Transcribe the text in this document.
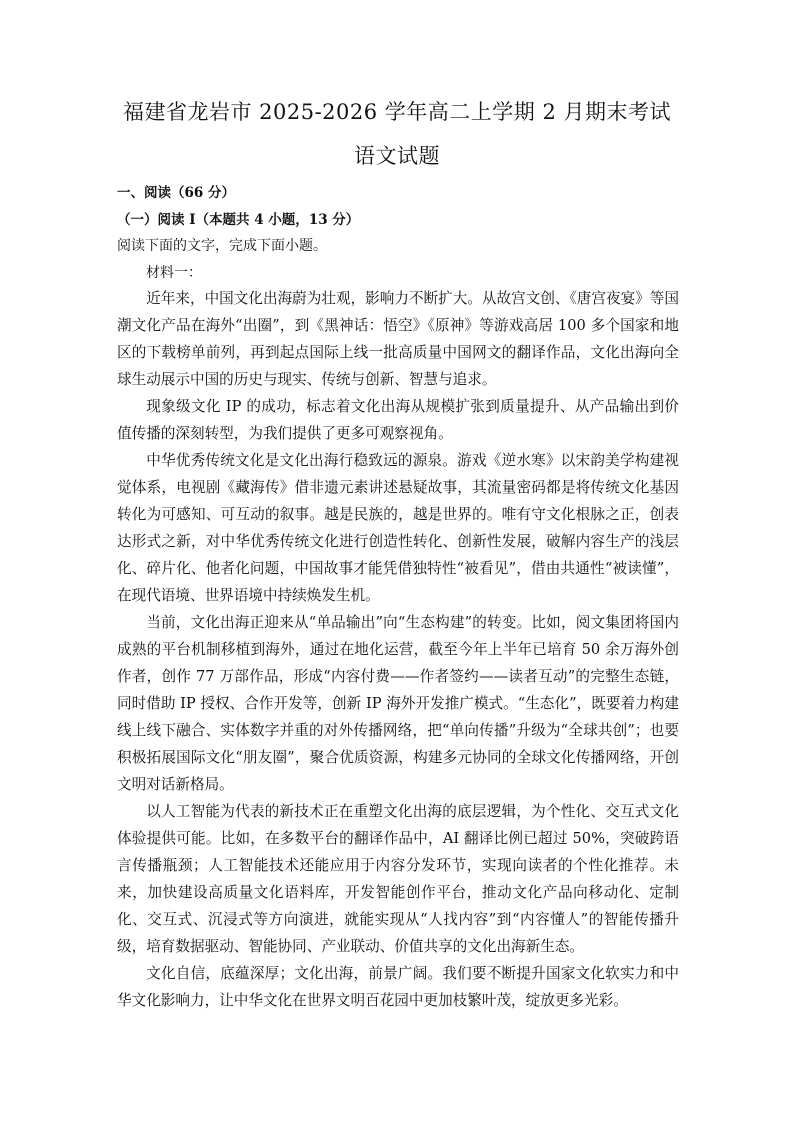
福建省龙岩市 2025-2026 学年高二上学期 2 月期末考试
语文试题
一、阅读（66 分）
（一）阅读 I（本题共 4 小题，13 分）
阅读下面的文字，完成下面小题。
材料一：

近年来，中国文化出海蔚为壮观，影响力不断扩大。从故宫文创、《唐宫夜宴》等国潮文化产品在海外“出圈”，到《黑神话：悟空》《原神》等游戏高居 100 多个国家和地区的下载榜单前列，再到起点国际上线一批高质量中国网文的翻译作品，文化出海向全球生动展示中国的历史与现实、传统与创新、智慧与追求。

现象级文化 IP 的成功，标志着文化出海从规模扩张到质量提升、从产品输出到价值传播的深刻转型，为我们提供了更多可观察视角。

中华优秀传统文化是文化出海行稳致远的源泉。游戏《逆水寒》以宋韵美学构建视觉体系，电视剧《藏海传》借非遗元素讲述悬疑故事，其流量密码都是将传统文化基因转化为可感知、可互动的叙事。越是民族的，越是世界的。唯有守文化根脉之正，创表达形式之新，对中华优秀传统文化进行创造性转化、创新性发展，破解内容生产的浅层化、碎片化、他者化问题，中国故事才能凭借独特性“被看见”，借由共通性“被读懂”，在现代语境、世界语境中持续焕发生机。

当前，文化出海正迎来从“单品输出”向“生态构建”的转变。比如，阅文集团将国内成熟的平台机制移植到海外，通过在地化运营，截至今年上半年已培育 50 余万海外创作者，创作 77 万部作品，形成“内容付费——作者签约——读者互动”的完整生态链，同时借助 IP 授权、合作开发等，创新 IP 海外开发推广模式。“生态化”，既要着力构建线上线下融合、实体数字并重的对外传播网络，把“单向传播”升级为“全球共创”；也要积极拓展国际文化“朋友圈”，聚合优质资源，构建多元协同的全球文化传播网络，开创文明对话新格局。

以人工智能为代表的新技术正在重塑文化出海的底层逻辑，为个性化、交互式文化体验提供可能。比如，在多数平台的翻译作品中，AI 翻译比例已超过 50%，突破跨语言传播瓶颈；人工智能技术还能应用于内容分发环节，实现向读者的个性化推荐。未来，加快建设高质量文化语料库，开发智能创作平台，推动文化产品向移动化、定制化、交互式、沉浸式等方向演进，就能实现从“人找内容”到“内容懂人”的智能传播升级，培育数据驱动、智能协同、产业联动、价值共享的文化出海新生态。

文化自信，底蕴深厚；文化出海，前景广阔。我们要不断提升国家文化软实力和中华文化影响力，让中华文化在世界文明百花园中更加枝繁叶茂，绽放更多光彩。
